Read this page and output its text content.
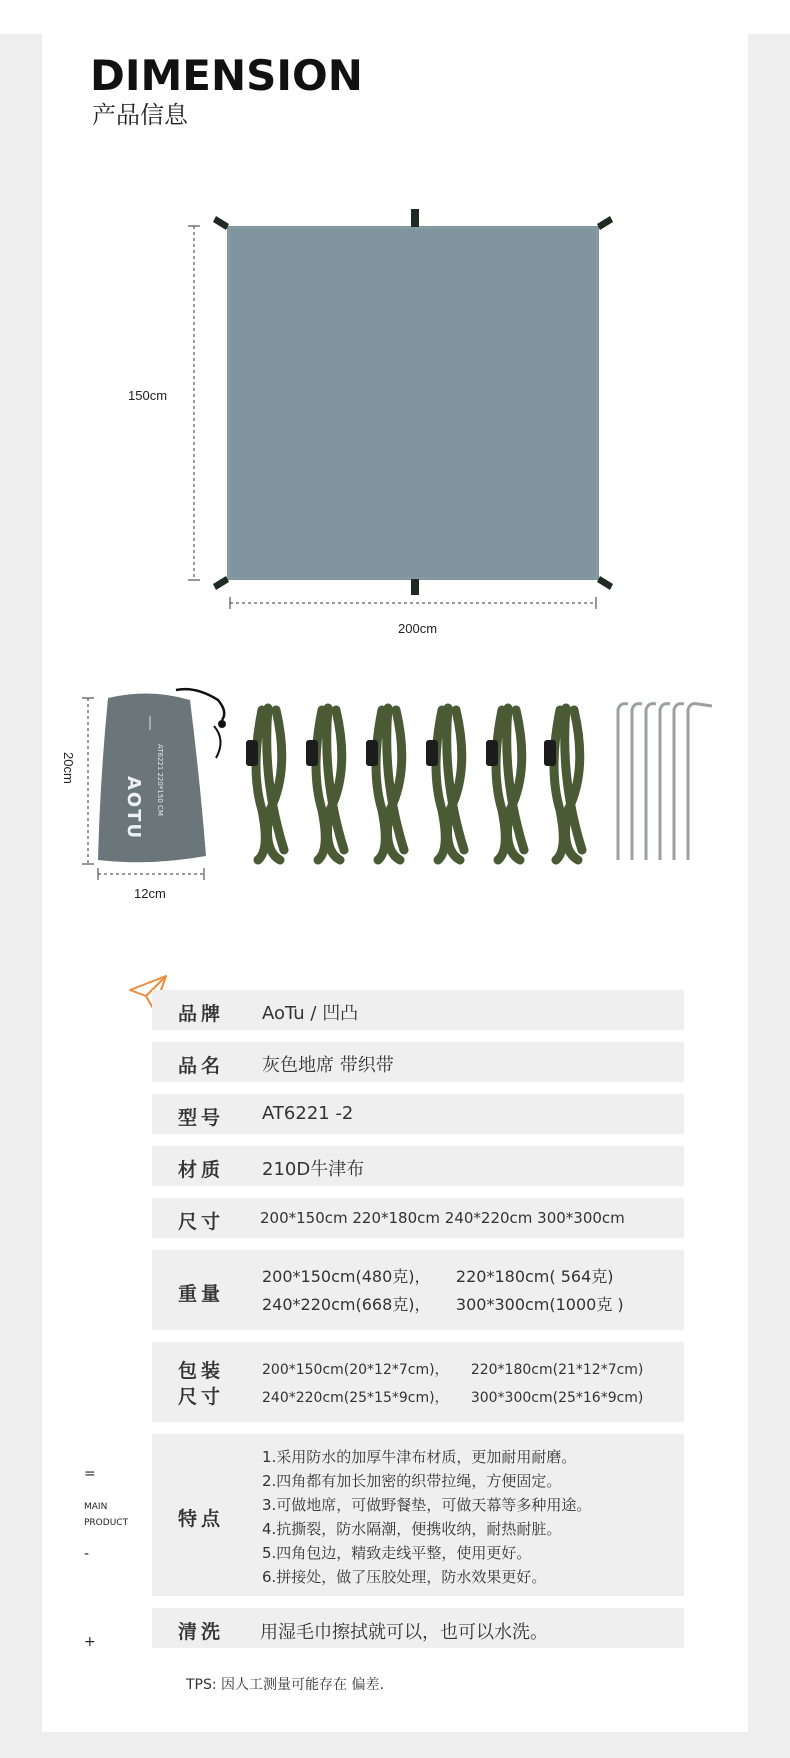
DIMENSION
产品信息
150cm
200cm
AOTU AT6221 220*150 CM
20cm
12cm
品牌 AoTu / 凹凸
品名 灰色地席 带织带
型号 AT6221 -2
材质 210D牛津布
尺寸 200*150cm 220*180cm 240*220cm 300*300cm
重量
200*150cm(480克)，     220*180cm( 564克)
240*220cm(668克)，     300*300cm(1000克 )
包装
尺寸
200*150cm(20*12*7cm)，     220*180cm(21*12*7cm)
240*220cm(25*15*9cm)，     300*300cm(25*16*9cm)
特点
1.采用防水的加厚牛津布材质，更加耐用耐磨。
2.四角都有加长加密的织带拉绳，方便固定。
3.可做地席，可做野餐垫，可做天幕等多种用途。
4.抗撕裂，防水隔潮，便携收纳，耐热耐脏。
5.四角包边，精致走线平整，使用更好。
6.拼接处，做了压胶处理，防水效果更好。
清洗 用湿毛巾擦拭就可以，也可以水洗。
=
MAIN
PRODUCT
-
+
TPS: 因人工测量可能存在 偏差.
